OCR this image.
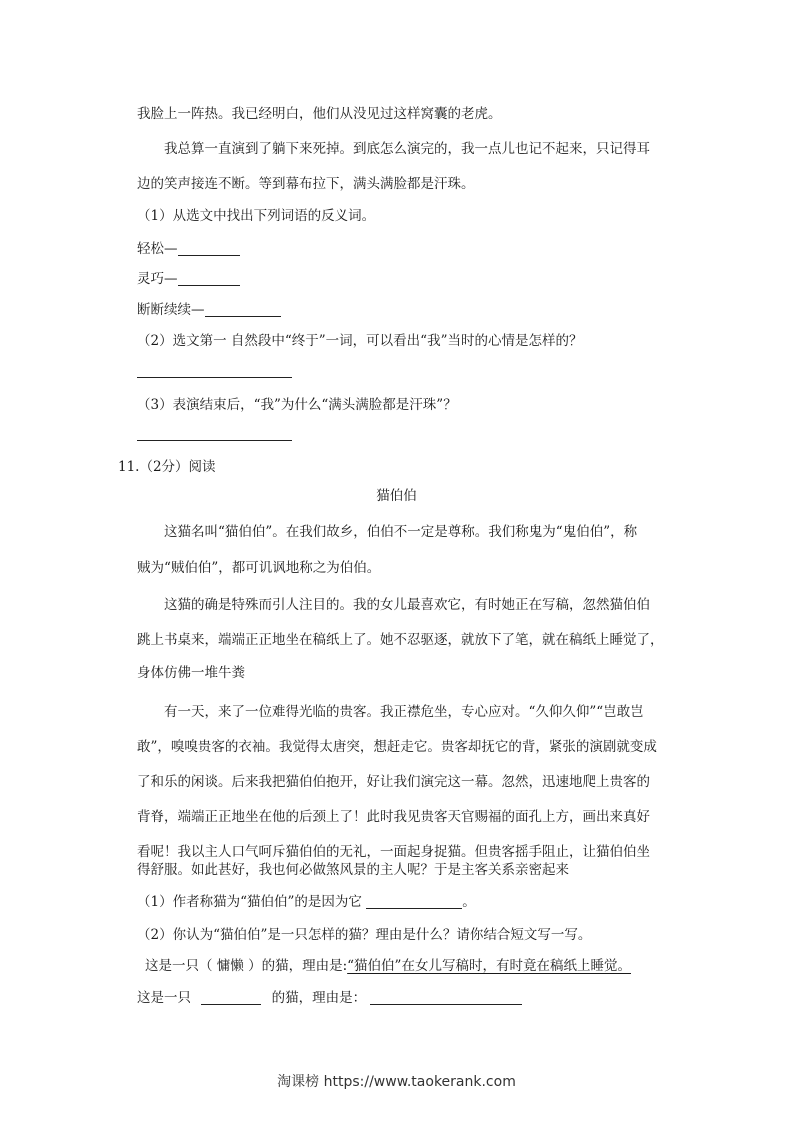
我脸上一阵热。我已经明白，他们从没见过这样窝囊的老虎。
我总算一直演到了躺下来死掉。到底怎么演完的，我一点儿也记不起来，只记得耳
边的笑声接连不断。等到幕布拉下，满头满脸都是汗珠。
（1）从选文中找出下列词语的反义词。
轻松—
灵巧—
断断续续—
（2）选文第一 自然段中“终于”一词，可以看出“我”当时的心情是怎样的？
（3）表演结束后，“我”为什么“满头满脸都是汗珠”？
11.（2分）阅读
猫伯伯
这猫名叫“猫伯伯”。在我们故乡，伯伯不一定是尊称。我们称鬼为“鬼伯伯”，称
贼为“贼伯伯”，都可讥讽地称之为伯伯。
这猫的确是特殊而引人注目的。我的女儿最喜欢它，有时她正在写稿，忽然猫伯伯
跳上书桌来，端端正正地坐在稿纸上了。她不忍驱逐，就放下了笔，就在稿纸上睡觉了，
身体仿佛一堆牛粪
有一天，来了一位难得光临的贵客。我正襟危坐，专心应对。“久仰久仰”“岂敢岂
敢”，嗅嗅贵客的衣袖。我觉得太唐突，想赶走它。贵客却抚它的背，紧张的演剧就变成
了和乐的闲谈。后来我把猫伯伯抱开，好让我们演完这一幕。忽然，迅速地爬上贵客的
背脊，端端正正地坐在他的后颈上了！此时我见贵客天官赐福的面孔上方，画出来真好
看呢！我以主人口气呵斥猫伯伯的无礼，一面起身捉猫。但贵客摇手阻止，让猫伯伯坐
得舒服。如此甚好，我也何必做煞风景的主人呢？于是主客关系亲密起来
（1）作者称猫为“猫伯伯”的是因为它	。
（2）你认为“猫伯伯”是一只怎样的猫？理由是什么？请你结合短文写一写。
这是一只（ 慵懒 ）的猫，理由是:“猫伯伯”在女儿写稿时，有时竟在稿纸上睡觉。
这是一只	的猫，理由是：
淘课榜 https://www.taokerank.com
